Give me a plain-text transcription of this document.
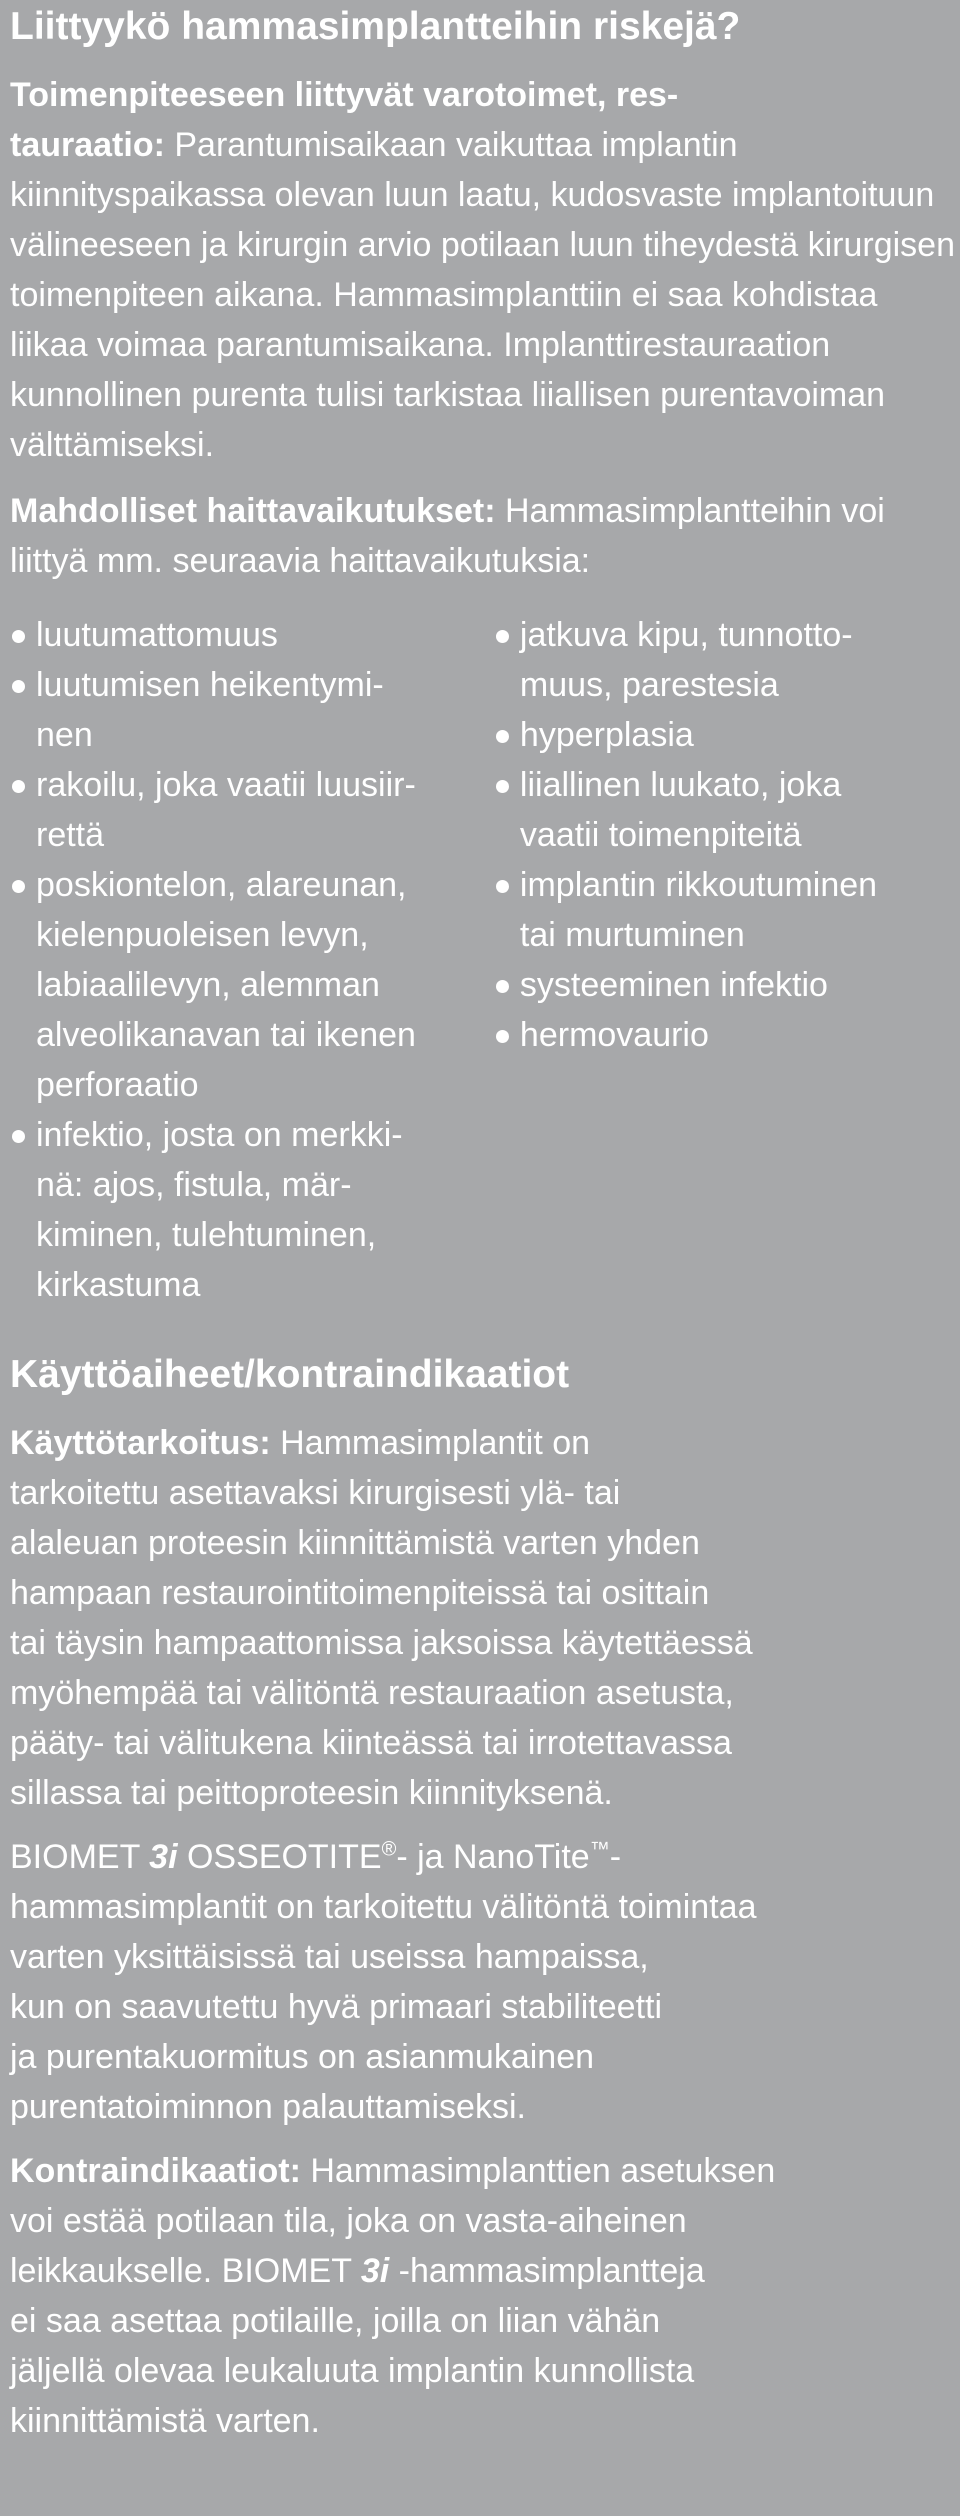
Liittyykö hammasimplantteihin riskejä?

Toimenpiteeseen liittyvät varotoimet, res-
tauraatio: Parantumisaikaan vaikuttaa implantin kiinnityspaikassa olevan luun laatu, kudosvaste implantoituun välineeseen ja kirurgin arvio potilaan luun tiheydestä kirurgisen toimenpiteen aikana. Hammasimplanttiin ei saa kohdistaa liikaa voimaa parantumisaikana. Implanttirestauraation kunnollinen purenta tulisi tarkistaa liiallisen purentavoiman välttämiseksi.

Mahdolliset haittavaikutukset: Hammasimplantteihin voi liittyä mm. seuraavia haittavaikutuksia:

luutumattomuus
luutumisen heikentymi-
nen
rakoilu, joka vaatii luusiir-
rettä
poskiontelon, alareunan,
kielenpuoleisen levyn,
labiaalilevyn, alemman
alveolikanavan tai ikenen
perforaatio
infektio, josta on merkki-
nä: ajos, fistula, mär-
kiminen, tulehtuminen,
kirkastuma
jatkuva kipu, tunnotto-
muus, parestesia
hyperplasia
liiallinen luukato, joka
vaatii toimenpiteitä
implantin rikkoutuminen
tai murtuminen
systeeminen infektio
hermovaurio
Käyttöaiheet/kontraindikaatiot

Käyttötarkoitus: Hammasimplantit on
tarkoitettu asettavaksi kirurgisesti ylä- tai
alaleuan proteesin kiinnittämistä varten yhden
hampaan restaurointitoimenpiteissä tai osittain
tai täysin hampaattomissa jaksoissa käytettäessä
myöhempää tai välitöntä restauraation asetusta,
pääty- tai välitukena kiinteässä tai irrotettavassa
sillassa tai peittoproteesin kiinnityksenä.

BIOMET 3i OSSEOTITE®- ja NanoTite™-
hammasimplantit on tarkoitettu välitöntä toimintaa
varten yksittäisissä tai useissa hampaissa,
kun on saavutettu hyvä primaari stabiliteetti
ja purentakuormitus on asianmukainen
purentatoiminnon palauttamiseksi.

Kontraindikaatiot: Hammasimplanttien asetuksen
voi estää potilaan tila, joka on vasta-aiheinen
leikkaukselle. BIOMET 3i -hammasimplantteja
ei saa asettaa potilaille, joilla on liian vähän
jäljellä olevaa leukaluuta implantin kunnollista
kiinnittämistä varten.
